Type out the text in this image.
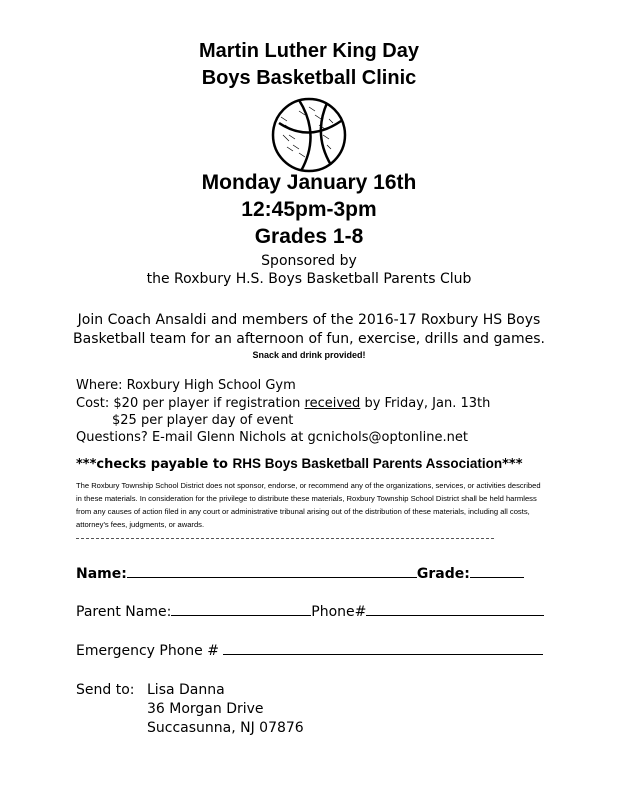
Martin Luther King Day
Boys Basketball Clinic
Monday January 16th
12:45pm-3pm
Grades 1-8
Sponsored by
the Roxbury H.S. Boys Basketball Parents Club
Join Coach Ansaldi and members of the 2016-17 Roxbury HS Boys
Basketball team for an afternoon of fun, exercise, drills and games.
Snack and drink provided!
Where: Roxbury High School Gym
Cost: $20 per player if registration received by Friday, Jan. 13th
$25 per player day of event
Questions? E-mail Glenn Nichols at gcnichols@optonline.net
***checks payable to RHS Boys Basketball Parents Association***
The Roxbury Township School District does not sponsor, endorse, or recommend any of the organizations, services, or activities described in these materials. In consideration for the privilege to distribute these materials, Roxbury Township School District shall be held harmless from any causes of action filed in any court or administrative tribunal arising out of the distribution of these materials, including all costs, attorney's fees, judgments, or awards.
Name:	Grade:
Parent Name:	Phone#
Emergency Phone #
Send to: Lisa Danna
36 Morgan Drive
Succasunna, NJ 07876
